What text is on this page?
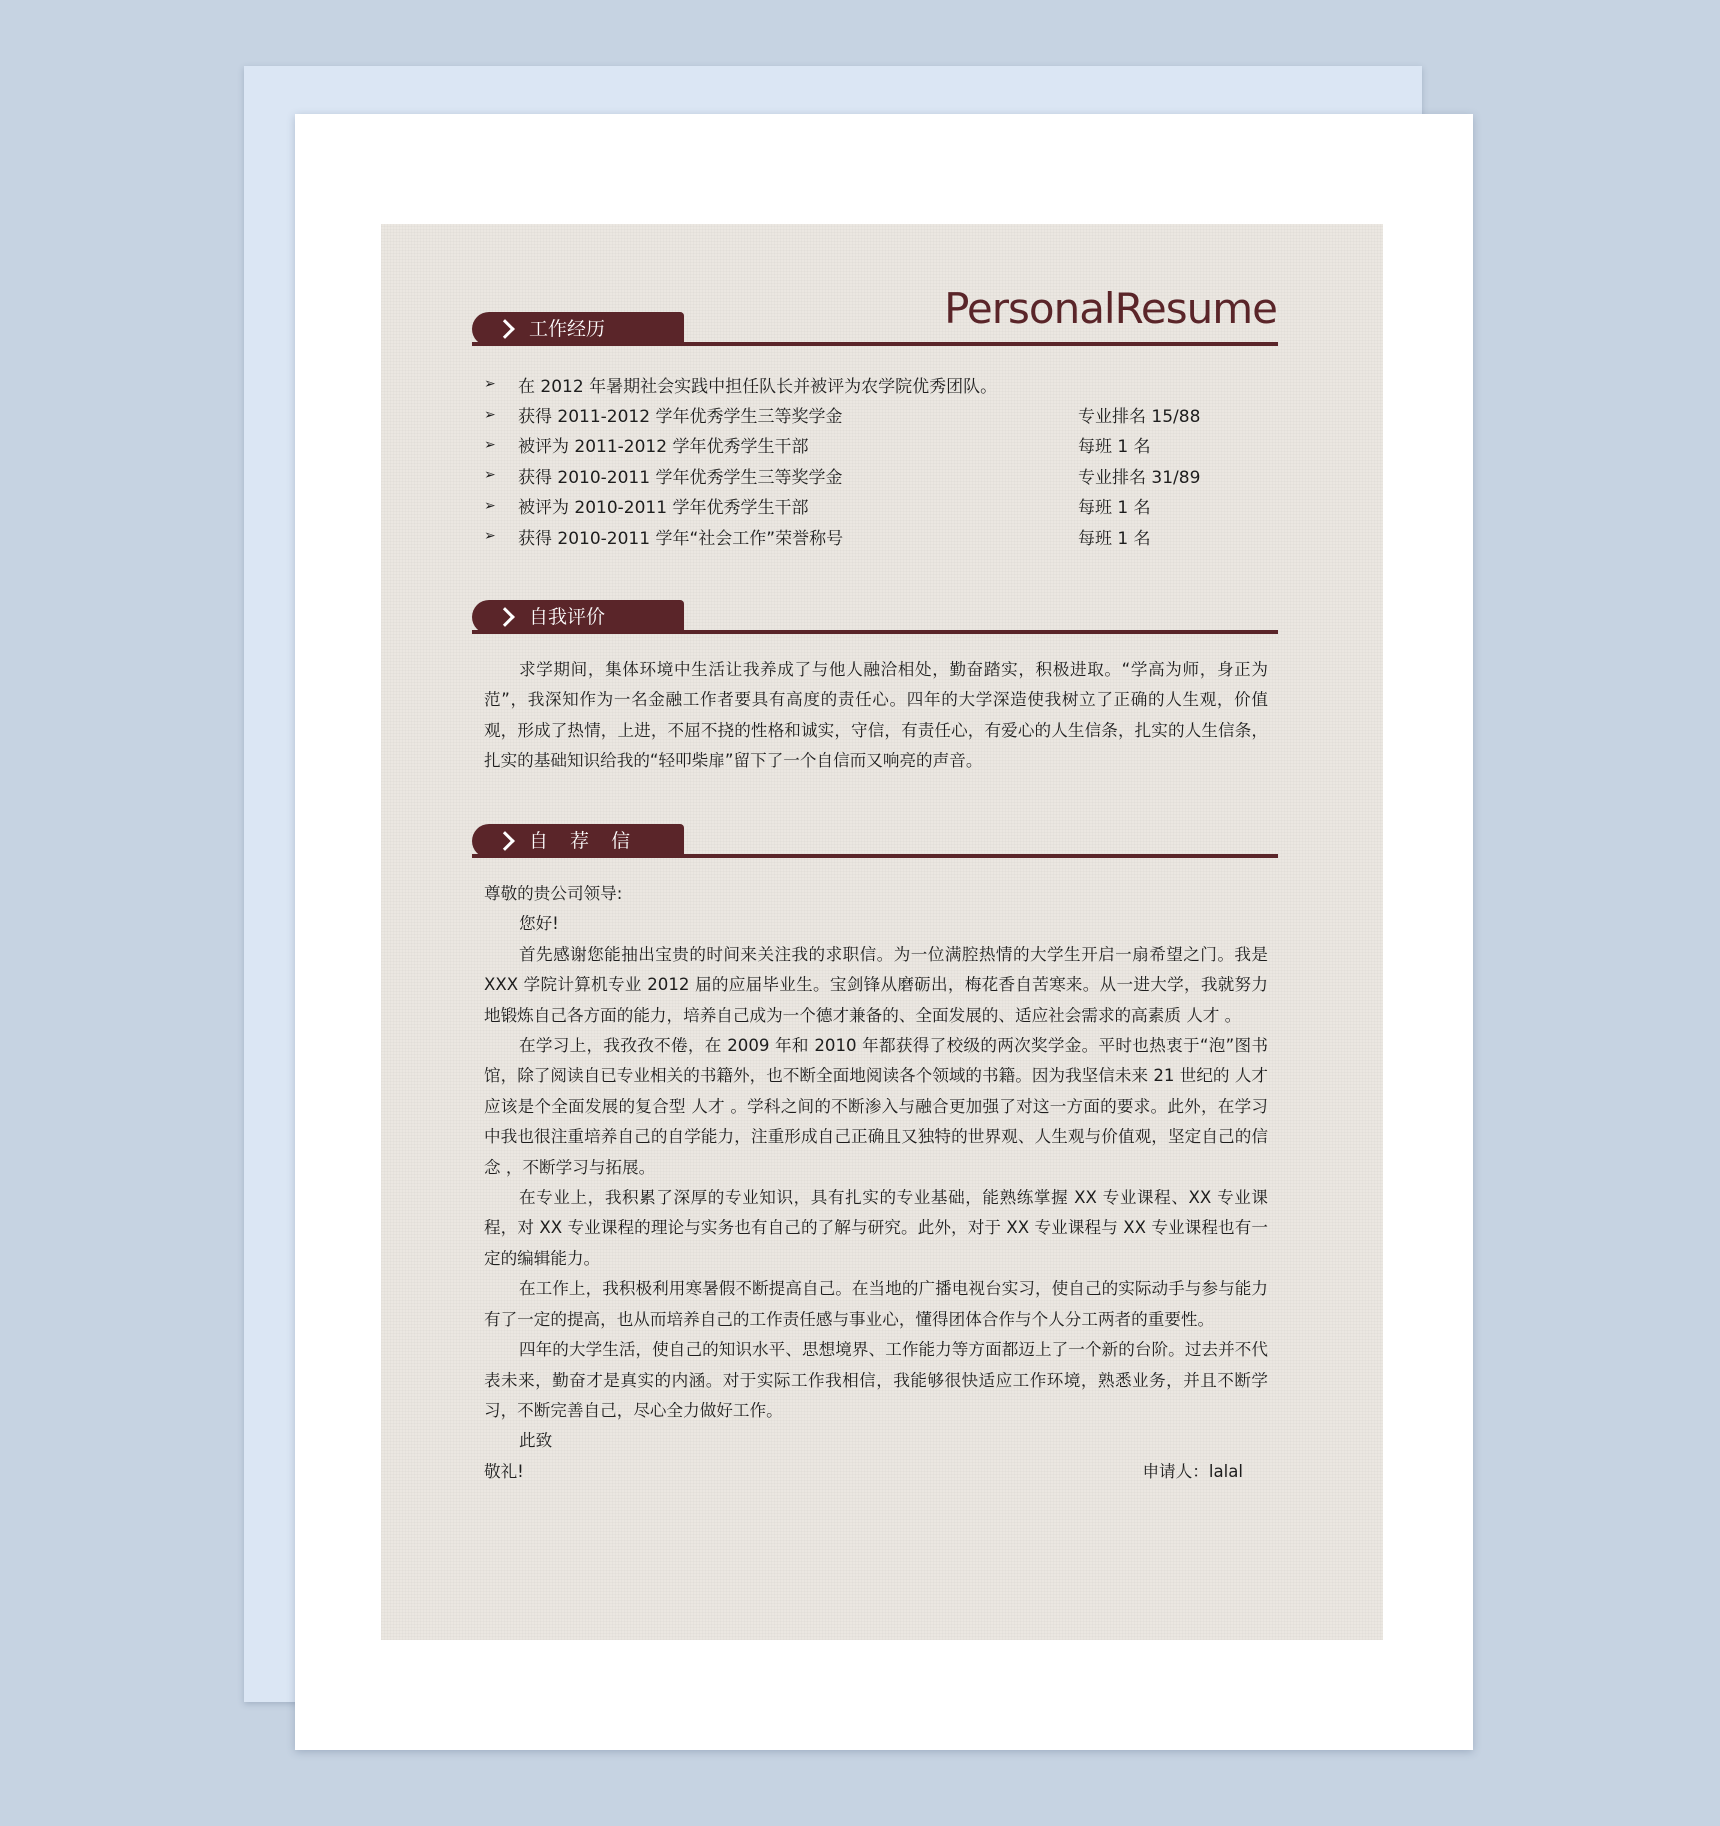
PersonalResume
工作经历
➢	在 2012 年暑期社会实践中担任队长并被评为农学院优秀团队。
➢	获得 2011-2012 学年优秀学生三等奖学金	专业排名 15/88
➢	被评为 2011-2012 学年优秀学生干部	每班 1 名
➢	获得 2010-2011 学年优秀学生三等奖学金	专业排名 31/89
➢	被评为 2010-2011 学年优秀学生干部	每班 1 名
➢	获得 2010-2011 学年“社会工作”荣誉称号	每班 1 名
自我评价

求学期间，集体环境中生活让我养成了与他人融洽相处，勤奋踏实，积极进取。“学高为师，身正为范”，我深知作为一名金融工作者要具有高度的责任心。四年的大学深造使我树立了正确的人生观，价值观，形成了热情，上进，不屈不挠的性格和诚实，守信，有责任心，有爱心的人生信条，扎实的人生信条，扎实的基础知识给我的“轻叩柴扉”留下了一个自信而又响亮的声音。

自 荐 信

尊敬的贵公司领导:

您好!

首先感谢您能抽出宝贵的时间来关注我的求职信。为一位满腔热情的大学生开启一扇希望之门。我是 XXX 学院计算机专业 2012 届的应届毕业生。宝剑锋从磨砺出，梅花香自苦寒来。从一进大学，我就努力地锻炼自己各方面的能力，培养自己成为一个德才兼备的、全面发展的、适应社会需求的高素质 人才 。

在学习上，我孜孜不倦，在 2009 年和 2010 年都获得了校级的两次奖学金。平时也热衷于“泡”图书馆，除了阅读自已专业相关的书籍外，也不断全面地阅读各个领域的书籍。因为我坚信未来 21 世纪的 人才 应该是个全面发展的复合型 人才 。学科之间的不断渗入与融合更加强了对这一方面的要求。此外，在学习中我也很注重培养自己的自学能力，注重形成自己正确且又独特的世界观、人生观与价值观，坚定自己的信念 ，不断学习与拓展。

在专业上，我积累了深厚的专业知识，具有扎实的专业基础，能熟练掌握 XX 专业课程、XX 专业课程，对 XX 专业课程的理论与实务也有自己的了解与研究。此外，对于 XX 专业课程与 XX 专业课程也有一定的编辑能力。

在工作上，我积极利用寒暑假不断提高自己。在当地的广播电视台实习，使自己的实际动手与参与能力有了一定的提高，也从而培养自己的工作责任感与事业心，懂得团体合作与个人分工两者的重要性。

四年的大学生活，使自己的知识水平、思想境界、工作能力等方面都迈上了一个新的台阶。过去并不代表未来，勤奋才是真实的内涵。对于实际工作我相信，我能够很快适应工作环境，熟悉业务，并且不断学习，不断完善自己，尽心全力做好工作。

此致

敬礼!	申请人：lalal
